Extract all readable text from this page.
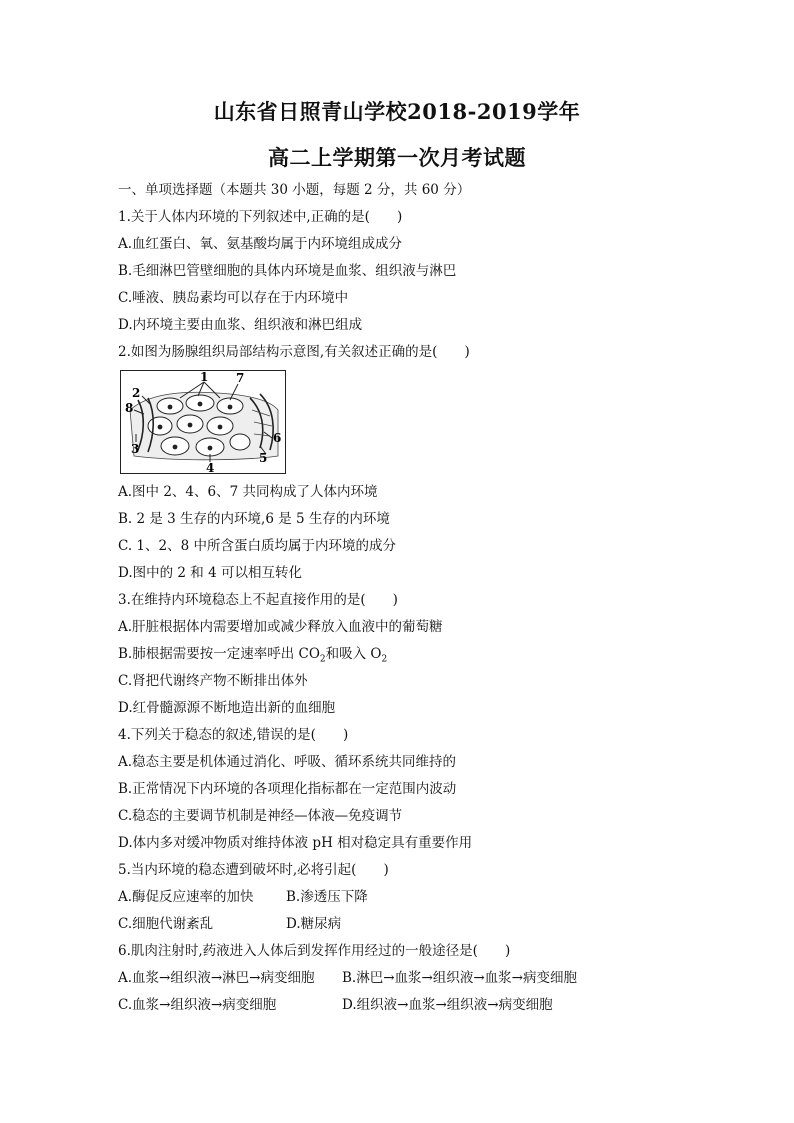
山东省日照青山学校2018-2019学年
高二上学期第一次月考试题
一、单项选择题（本题共 30 小题，每题 2 分，共 60 分）
1.关于人体内环境的下列叙述中,正确的是(　　)
A.血红蛋白、氧、氨基酸均属于内环境组成成分
B.毛细淋巴管壁细胞的具体内环境是血浆、组织液与淋巴
C.唾液、胰岛素均可以存在于内环境中
D.内环境主要由血浆、组织液和淋巴组成
2.如图为肠腺组织局部结构示意图,有关叙述正确的是(　　)
1 7
2
8
3
6
5
4
A.图中 2、4、6、7 共同构成了人体内环境
B. 2 是 3 生存的内环境,6 是 5 生存的内环境
C. 1、2、8 中所含蛋白质均属于内环境的成分
D.图中的 2 和 4 可以相互转化
3.在维持内环境稳态上不起直接作用的是(　　)
A.肝脏根据体内需要增加或减少释放入血液中的葡萄糖
B.肺根据需要按一定速率呼出 $CO_2$和吸入 $O_2$
C.肾把代谢终产物不断排出体外
D.红骨髓源源不断地造出新的血细胞
4.下列关于稳态的叙述,错误的是(　　)
A.稳态主要是机体通过消化、呼吸、循环系统共同维持的
B.正常情况下内环境的各项理化指标都在一定范围内波动
C.稳态的主要调节机制是神经—体液—免疫调节
D.体内多对缓冲物质对维持体液 pH 相对稳定具有重要作用
5.当内环境的稳态遭到破坏时,必将引起(　　)
A.酶促反应速率的加快	B.渗透压下降
C.细胞代谢紊乱	D.糖尿病
6.肌肉注射时,药液进入人体后到发挥作用经过的一般途径是(　　)
A.血浆→组织液→淋巴→病变细胞	B.淋巴→血浆→组织液→血浆→病变细胞
C.血浆→组织液→病变细胞	D.组织液→血浆→组织液→病变细胞
